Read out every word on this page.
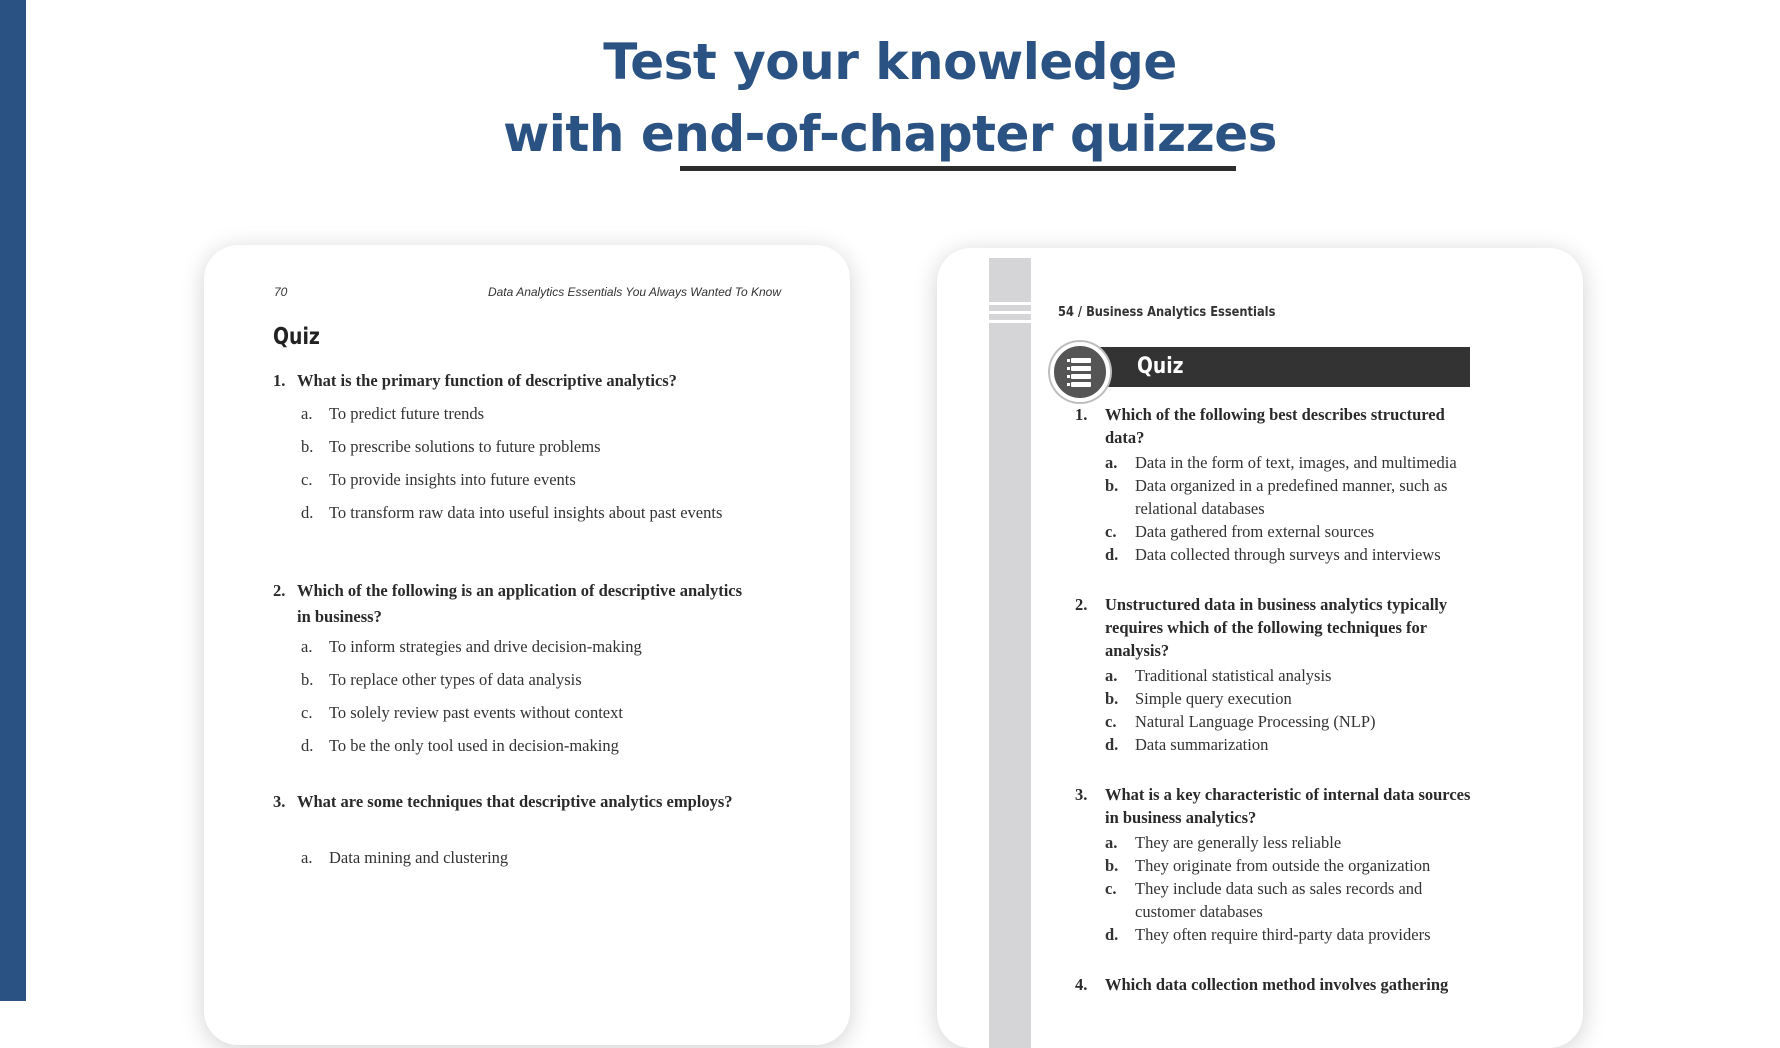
Test your knowledge
with end-of-chapter quizzes
70	Data Analytics Essentials You Always Wanted To Know
Quiz
1. What is the primary function of descriptive analytics?
a.	To predict future trends
b. To prescribe solutions to future problems
c.	To provide insights into future events
d. To transform raw data into useful insights about past events
2. Which of the following is an application of descriptive analytics in business?
a.	To inform strategies and drive decision-making
b. To replace other types of data analysis
c.	To solely review past events without context
d. To be the only tool used in decision-making
3. What are some techniques that descriptive analytics employs?
a.	Data mining and clustering
54 / Business Analytics Essentials
Quiz
1.	Which of the following best describes structured data?
a.	Data in the form of text, images, and multimedia
b.	Data organized in a predefined manner, such as relational databases
c.	Data gathered from external sources
d.	Data collected through surveys and interviews
2.	Unstructured data in business analytics typically requires which of the following techniques for analysis?
a.	Traditional statistical analysis
b.	Simple query execution
c.	Natural Language Processing (NLP)
d.	Data summarization
3.	What is a key characteristic of internal data sources in business analytics?
a.	They are generally less reliable
b.	They originate from outside the organization
c.	They include data such as sales records and customer databases
d.	They often require third-party data providers
4.	Which data collection method involves gathering
